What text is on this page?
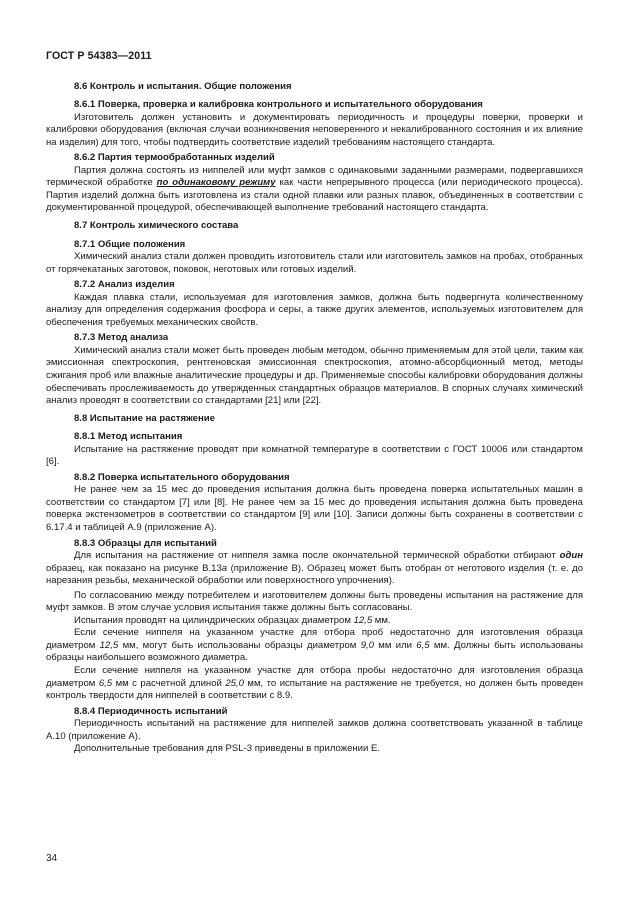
ГОСТ Р 54383—2011

8.6 Контроль и испытания. Общие положения

8.6.1 Поверка, проверка и калибровка контрольного и испытательного оборудования

Изготовитель должен установить и документировать периодичность и процедуры поверки, проверки и калибровки оборудования (включая случаи возникновения неповеренного и некалиброванного состояния и их влияние на изделия) для того, чтобы подтвердить соответствие изделий требованиям настоящего стандарта.

8.6.2 Партия термообработанных изделий

Партия должна состоять из ниппелей или муфт замков с одинаковыми заданными размерами, подвергавшихся термической обработке по одинаковому режиму как части непрерывного процесса (или периодического процесса). Партия изделий должна быть изготовлена из стали одной плавки или разных плавок, объединенных в соответствии с документированной процедурой, обеспечивающей выполнение требований настоящего стандарта.

8.7 Контроль химического состава

8.7.1 Общие положения

Химический анализ стали должен проводить изготовитель стали или изготовитель замков на пробах, отобранных от горячекатаных заготовок, поковок, неготовых или готовых изделий.

8.7.2 Анализ изделия

Каждая плавка стали, используемая для изготовления замков, должна быть подвергнута количественному анализу для определения содержания фосфора и серы, а также других элементов, используемых изготовителем для обеспечения требуемых механических свойств.

8.7.3 Метод анализа

Химический анализ стали может быть проведен любым методом, обычно применяемым для этой цели, таким как эмиссионная спектроскопия, рентгеновская эмиссионная спектроскопия, атомно-абсорбционный метод, методы сжигания проб или влажные аналитические процедуры и др. Применяемые способы калибровки оборудования должны обеспечивать прослеживаемость до утвержденных стандартных образцов материалов. В спорных случаях химический анализ проводят в соответствии со стандартами [21] или [22].

8.8 Испытание на растяжение

8.8.1 Метод испытания

Испытание на растяжение проводят при комнатной температуре в соответствии с ГОСТ 10006 или стандартом [6].

8.8.2 Поверка испытательного оборудования

Не ранее чем за 15 мес до проведения испытания должна быть проведена поверка испытательных машин в соответствии со стандартом [7] или [8]. Не ранее чем за 15 мес до проведения испытания должна быть проведена поверка экстензометров в соответствии со стандартом [9] или [10]. Записи должны быть сохранены в соответствии с 6.17.4 и таблицей А.9 (приложение А).

8.8.3 Образцы для испытаний

Для испытания на растяжение от ниппеля замка после окончательной термической обработки отбирают один образец, как показано на рисунке В.13а (приложение В). Образец может быть отобран от неготового изделия (т. е. до нарезания резьбы, механической обработки или поверхностного упрочнения).

По согласованию между потребителем и изготовителем должны быть проведены испытания на растяжение для муфт замков. В этом случае условия испытания также должны быть согласованы.

Испытания проводят на цилиндрических образцах диаметром 12,5 мм.

Если сечение ниппеля на указанном участке для отбора проб недостаточно для изготовления образца диаметром 12,5 мм, могут быть использованы образцы диаметром 9,0 мм или 6,5 мм. Должны быть использованы образцы наибольшего возможного диаметра.

Если сечение ниппеля на указанном участке для отбора пробы недостаточно для изготовления образца диаметром 6,5 мм с расчетной длиной 25,0 мм, то испытание на растяжение не требуется, но должен быть проведен контроль твердости для ниппелей в соответствии с 8.9.

8.8.4 Периодичность испытаний

Периодичность испытаний на растяжение для ниппелей замков должна соответствовать указанной в таблице А.10 (приложение А).

Дополнительные требования для PSL-3 приведены в приложении Е.

34
